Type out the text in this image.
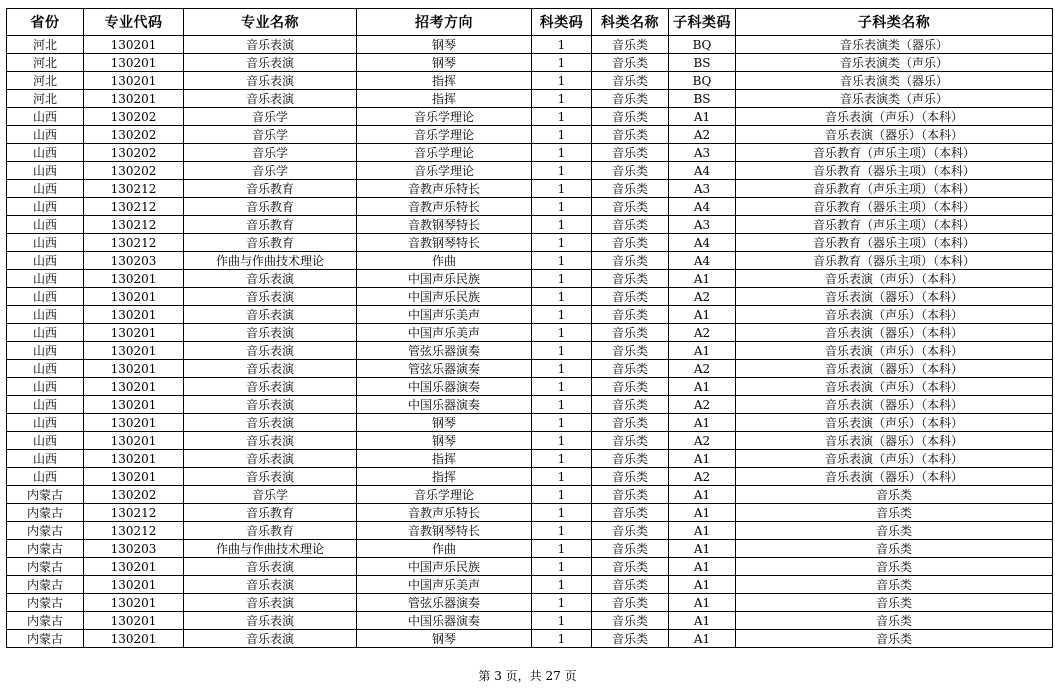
省份	专业代码	专业名称	招考方向	科类码	科类名称	子科类码	子科类名称
河北	130201	音乐表演	钢琴	1	音乐类	BQ	音乐表演类（器乐）
河北	130201	音乐表演	钢琴	1	音乐类	BS	音乐表演类（声乐）
河北	130201	音乐表演	指挥	1	音乐类	BQ	音乐表演类（器乐）
河北	130201	音乐表演	指挥	1	音乐类	BS	音乐表演类（声乐）
山西	130202	音乐学	音乐学理论	1	音乐类	A1	音乐表演（声乐）（本科）
山西	130202	音乐学	音乐学理论	1	音乐类	A2	音乐表演（器乐）（本科）
山西	130202	音乐学	音乐学理论	1	音乐类	A3	音乐教育（声乐主项）（本科）
山西	130202	音乐学	音乐学理论	1	音乐类	A4	音乐教育（器乐主项）（本科）
山西	130212	音乐教育	音教声乐特长	1	音乐类	A3	音乐教育（声乐主项）（本科）
山西	130212	音乐教育	音教声乐特长	1	音乐类	A4	音乐教育（器乐主项）（本科）
山西	130212	音乐教育	音教钢琴特长	1	音乐类	A3	音乐教育（声乐主项）（本科）
山西	130212	音乐教育	音教钢琴特长	1	音乐类	A4	音乐教育（器乐主项）（本科）
山西	130203	作曲与作曲技术理论	作曲	1	音乐类	A4	音乐教育（器乐主项）（本科）
山西	130201	音乐表演	中国声乐民族	1	音乐类	A1	音乐表演（声乐）（本科）
山西	130201	音乐表演	中国声乐民族	1	音乐类	A2	音乐表演（器乐）（本科）
山西	130201	音乐表演	中国声乐美声	1	音乐类	A1	音乐表演（声乐）（本科）
山西	130201	音乐表演	中国声乐美声	1	音乐类	A2	音乐表演（器乐）（本科）
山西	130201	音乐表演	管弦乐器演奏	1	音乐类	A1	音乐表演（声乐）（本科）
山西	130201	音乐表演	管弦乐器演奏	1	音乐类	A2	音乐表演（器乐）（本科）
山西	130201	音乐表演	中国乐器演奏	1	音乐类	A1	音乐表演（声乐）（本科）
山西	130201	音乐表演	中国乐器演奏	1	音乐类	A2	音乐表演（器乐）（本科）
山西	130201	音乐表演	钢琴	1	音乐类	A1	音乐表演（声乐）（本科）
山西	130201	音乐表演	钢琴	1	音乐类	A2	音乐表演（器乐）（本科）
山西	130201	音乐表演	指挥	1	音乐类	A1	音乐表演（声乐）（本科）
山西	130201	音乐表演	指挥	1	音乐类	A2	音乐表演（器乐）（本科）
内蒙古	130202	音乐学	音乐学理论	1	音乐类	A1	音乐类
内蒙古	130212	音乐教育	音教声乐特长	1	音乐类	A1	音乐类
内蒙古	130212	音乐教育	音教钢琴特长	1	音乐类	A1	音乐类
内蒙古	130203	作曲与作曲技术理论	作曲	1	音乐类	A1	音乐类
内蒙古	130201	音乐表演	中国声乐民族	1	音乐类	A1	音乐类
内蒙古	130201	音乐表演	中国声乐美声	1	音乐类	A1	音乐类
内蒙古	130201	音乐表演	管弦乐器演奏	1	音乐类	A1	音乐类
内蒙古	130201	音乐表演	中国乐器演奏	1	音乐类	A1	音乐类
内蒙古	130201	音乐表演	钢琴	1	音乐类	A1	音乐类
第 3 页，共 27 页
